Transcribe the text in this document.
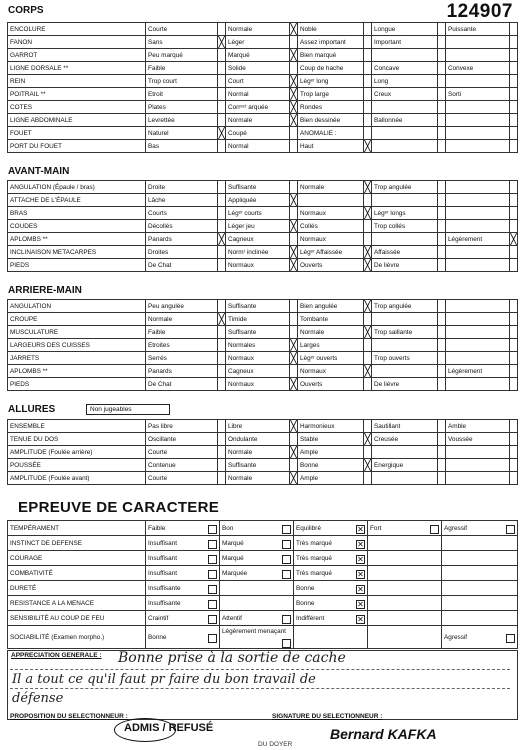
CORPS	124907
ENCOLURE	Courte		Normale	╳	Noble		Longue		Puissante	
FANON	Sans	╳	Léger		Assez important		Important			
GARROT	Peu marqué		Marqué	╳	Bien marqué					
LIGNE DORSALE **	Faible		Solide		Coup de hache		Concave		Convexe	
REIN	Trop court		Court	╳	Légᵉʳ long		Long			
POITRAIL **	Etroit		Normal	╳	Trop large		Creux		Sorti	
COTES	Plates		Corrᵉᶜᵗ arquée	╳	Rondes					
LIGNE ABDOMINALE	Levrettée		Normale	╳	Bien dessinée		Ballonnée			
FOUET	Naturel	╳	Coupé		ANOMALIE :					
PORT DU FOUET	Bas		Normal		Haut	╳				
AVANT-MAIN
ANGULATION (Épaule / bras)	Droite		Suffisante		Normale	╳	Trop angulée			
ATTACHE DE L'ÉPAULE	Lâche		Appliquée	╳						
BRAS	Courts		Légᵉʳ courts		Normaux	╳	Légᵉʳ longs			
COUDES	Décollés		Léger jeu	╳	Collés		Trop collés			
APLOMBS **	Panards	╳	Cagneux		Normaux				Légèrement	╳
INCLINAISON METACARPES	Droites		Normᵗ inclinée	╳	Légᵉʳ Affaissée	╳	Affaissée			
PIEDS	De Chat		Normaux	╳	Ouverts	╳	De lièvre			
ARRIERE-MAIN
ANGULATION	Peu angulée		Suffisante		Bien angulée	╳	Trop angulée			
CROUPE	Normale	╳	Timide		Tombante					
MUSCULATURE	Faible		Suffisante		Normale	╳	Trop saillante			
LARGEURS DES CUISSES	Etroites		Normales	╳	Larges					
JARRETS	Serrés		Normaux	╳	Légᵉʳ ouverts		Trop ouverts			
APLOMBS **	Panards		Cagneux		Normaux	╳			Légèrement	
PIEDS	De Chat		Normaux	╳	Ouverts		De lièvre			
ALLURES	Non jugeables
ENSEMBLE	Pas libre		Libre	╳	Harmonieux		Sautillant		Amble	
TENUE DU DOS	Oscillante		Ondulante		Stable	╳	Creusée		Voussée	
AMPLITUDE (Foulée arrière)	Courte		Normale	╳	Ample					
POUSSÉE	Contenue		Suffisante		Bonne	╳	Energique			
AMPLITUDE (Foulée avant)	Courte		Normale	╳	Ample					
EPREUVE DE CARACTERE
TEMPÉRAMENT	Faible	Bon	Equilibré ✕	Fort	Agressif

INSTINCT DE DEFENSE	Insuffisant	Marqué	Très marqué ✕		

COURAGE	Insuffisant	Marqué	Très marqué ✕		

COMBATIVITÉ	Insuffisant	Marquée	Très marqué ✕		

DURETÉ	Insuffisante		Bonne ✕		

RESISTANCE A LA MENACE	Insuffisante		Bonne ✕		

SENSIBILITÉ AU COUP DE FEU	Craintif	Attentif	Indifférent ✕		

SOCIABILITÉ (Examen morpho.)	Bonne	Légèrement menaçant			Agressif
APPRECIATION GENERALE : Bonne prise à la sortie de cache
Il a tout ce qu'il faut pr faire du bon travail de
défense
PROPOSITION DU SELECTIONNEUR :
ADMIS / REFUSÉ
SIGNATURE DU SELECTIONNEUR :
Bernard KAFKA
DU DOYER
